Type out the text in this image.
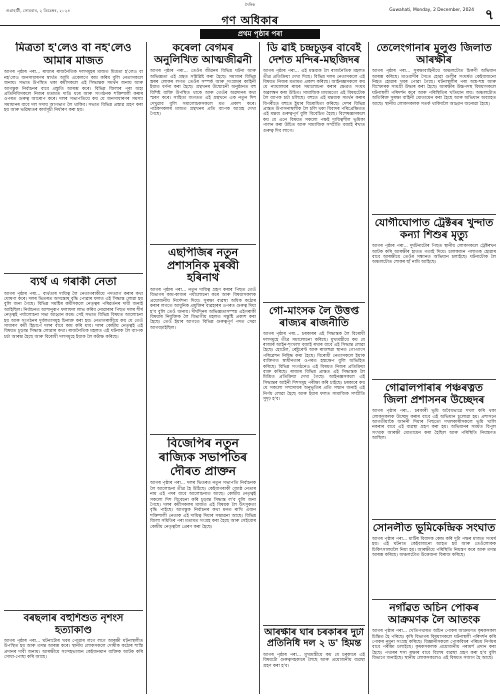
গুৱাহাটী, সোমবাৰ, ২ ডিচেম্বৰ, ২০২৪
দৈনিক
গণ অধিকাৰ
Guwahati, Monday, 2 December, 2024 ৭
প্ৰথম পৃষ্ঠাৰ পৰা
মিত্ৰতা হ'লেও বা নহ'লেও আমাৰ মাজত

আগৰ পৃষ্ঠাৰ পৰা... ৰাজ্যৰ ৰাজনৈতিক দলসমূহৰ মাজত মিত্ৰতা হ'লেও বা নহ'লেও জনসাধাৰণৰ স্বাৰ্থত আমি একেলগে কাম কৰিম বুলি নেতাসকলে জনায়। সভাত উপস্থিত থকা কৰ্মীসকলে এই সিদ্ধান্তক সমৰ্থন জনায় আৰু আগন্তুক নিৰ্বাচনৰ বাবে প্ৰস্তুতি আৰম্ভ কৰে। বিভিন্ন জিলাৰ পৰা অহা প্ৰতিনিধিসকলে নিজৰ মতামত দাঙি ধৰে আৰু সংগঠনক শক্তিশালী কৰাৰ ওপৰত গুৰুত্ব আৰোপ কৰে। দলৰ সভাপতিয়ে কয় যে জনসাধাৰণৰ সমস্যা সমাধানৰ বাবে দল সদায় আগভাগ লৈ থাকিব। সভাত বিভিন্ন প্ৰস্তাৱ গ্ৰহণ কৰা হয় আৰু ভৱিষ্যতৰ কাৰ্যসূচী নিৰ্ধাৰণ কৰা হয়।

ব্যৰ্থ এ গৰাকী নেতা

আগৰ পৃষ্ঠাৰ পৰা... ব্যৰ্থতাৰ দায়িত্ব লৈ নেতাগৰাকীয়ে পদত্যাগ কৰাৰ কথা ঘোষণা কৰে। দলৰ ভিতৰত অসন্তোষ বৃদ্ধি পোৱাৰ ফলত এই সিদ্ধান্ত লোৱা হয় বুলি জনা গৈছে। বিভিন্ন সমষ্টিৰ কৰ্মীসকলে নেতৃত্বৰ পৰিৱৰ্তনৰ দাবী জনাই আহিছিল। নিৰ্বাচনত আশানুৰূপ ফলাফল লাভ কৰিব নোৱাৰাৰ পিছত দলৰ শীৰ্ষ নেতৃত্বই পৰ্যালোচনা সভা আহ্বান কৰে। সেই সভাত বিভিন্ন বিষয়ত আলোচনা হয় আৰু সংগঠনৰ দুৰ্বলতাসমূহ চিনাক্ত কৰা হয়। নেতাগৰাকীয়ে কয় যে তেওঁ সাধাৰণ কৰ্মী হিচাপে দলৰ বাবে কাম কৰি যাব। দলৰ কেন্দ্ৰীয় নেতৃত্বই এই বিষয়ত চূড়ান্ত সিদ্ধান্ত লোৱাৰ কথা। ৰাজনৈতিক মহলত এই ঘটনাক লৈ ব্যাপক চৰ্চা আৰম্ভ হৈছে আৰু বিৰোধী দলসমূহে ইয়াক লৈ কটাক্ষ কৰিছে।

বৰছলাৰ বহুশিশুত নৃশংস হত্যাকাণ্ড

আগৰ পৃষ্ঠাৰ পৰা... ঘটনাটোৰ খবৰ পোৱাৰ লগে লগে আৰক্ষী ঘটনাস্থলীত উপস্থিত হয় আৰু তদন্ত আৰম্ভ কৰে। স্থানীয় লোকসকলে দোষীক কঠোৰ শাস্তি প্ৰদানৰ দাবী জনায়। আৰক্ষীয়ে সন্দেহভাজন কেইজনমান ব্যক্তিক আটক কৰি সোধা-পোছা কৰি আছে।

কৰেলা বেগমৰ অনুলিখিত আত্মজীৱনী

আগৰ পৃষ্ঠাৰ পৰা... তেওঁৰ জীৱনৰ বিভিন্ন ঘটনা আৰু অভিজ্ঞতা এই গ্ৰন্থত সন্নিৱিষ্ট কৰা হৈছে। সমাজৰ বিভিন্ন স্তৰৰ লোকৰ লগত তেওঁৰ সম্পৰ্ক আৰু সংগ্ৰামৰ কাহিনী ইয়াত বৰ্ণনা কৰা হৈছে। গ্ৰন্থখনৰ উন্মোচনী অনুষ্ঠানত বহু বিশিষ্ট ব্যক্তি উপস্থিত থাকে আৰু তেওঁৰ অৱদানৰ কথা স্মৰণ কৰে। সাহিত্য জগতত এই গ্ৰন্থখনে এক নতুন দিশ দেখুৱাব বুলি সমালোচকসকলে মত প্ৰকাশ কৰে। পাঠকসকলৰ মাজত গ্ৰন্থখনৰ প্ৰতি ব্যাপক আগ্ৰহ দেখা গৈছে।

এছপিজিৰ নতুন প্ৰশাসনিক মুৰব্বী হৰিনাথ

আগৰ পৃষ্ঠাৰ পৰা... নতুন দায়িত্ব গ্ৰহণ কৰাৰ পিছত তেওঁ বিভাগৰ কাম-কাজৰ পৰ্যালোচনা কৰে আৰু বিষয়াসকলক প্ৰয়োজনীয় নিৰ্দেশনা দিয়ে। সুৰক্ষা ব্যৱস্থা অধিক কঠোৰ কৰাৰ লগতে আধুনিক প্ৰযুক্তিৰ ব্যৱহাৰৰ ওপৰত গুৰুত্ব দিয়া হ'ব বুলি তেওঁ জনায়। দীৰ্ঘদিনৰ অভিজ্ঞতাসম্পন্ন এইগৰাকী বিষয়াৰ নিযুক্তিক লৈ বিভাগীয় মহলত সন্তুষ্টি প্ৰকাশ কৰা হৈছে। তেওঁ ইয়াৰ আগতে বিভিন্ন গুৰুত্বপূৰ্ণ পদত সেৱা আগবঢ়াইছিল।

বিজেপিৰ নতুন ৰাজ্যিক সভাপতিৰ দৌৰত প্ৰাক্তন

আগৰ পৃষ্ঠাৰ পৰা... দলৰ ভিতৰত নতুন সভাপতি নিৰ্বাচনক লৈ আলোচনা তীব্ৰ হৈ উঠিছে। কেইবাগৰাকী জ্যেষ্ঠ নেতাৰ নাম এই পদৰ বাবে আলোচনাত আছে। কেন্দ্ৰীয় নেতৃত্বই সকলো দিশ বিবেচনা কৰি চূড়ান্ত সিদ্ধান্ত ল'ব বুলি জনা গৈছে। দলৰ কৰ্মীসকলৰ মাজত এই বিষয়ক লৈ উৎসুকতা বৃদ্ধি পাইছে। আগন্তুক নিৰ্বাচনৰ কথা মনত ৰাখি এজন শক্তিশালী নেতাক এই দায়িত্ব দিয়াৰ সম্ভাৱনা আছে। বিভিন্ন জিলা সমিতিৰ পৰা মতামত সংগ্ৰহ কৰা হৈছে আৰু সেইবোৰ কেন্দ্ৰীয় নেতৃত্বলৈ প্ৰেৰণ কৰা হৈছে।

ডি ৱাই চন্দ্ৰচূড়ৰ বাবেই দেশত মন্দিৰ-মছজিদৰ

আগৰ পৃষ্ঠাৰ পৰা... এই মন্তব্যক লৈ ৰাজনৈতিক মহলত তীব্ৰ প্ৰতিক্ৰিয়া দেখা দিছে। বিভিন্ন দলৰ নেতাসকলে এই বিষয়ত নিজৰ মতামত প্ৰকাশ কৰিছে। আইনজ্ঞসকলে কয় যে ন্যায়ালয়ৰ ৰায়ৰ সমালোচনা কৰাৰ ক্ষেত্ৰত সংযম অৱলম্বন কৰা উচিত। সামাজিক মাধ্যমতো এই বিষয়টোক লৈ ব্যাপক চৰ্চা চলিছে। বহুতে এই মন্তব্যক সমৰ্থন কৰাৰ বিপৰীতে বহুতে ইয়াৰ বিৰোধিতা কৰিছে। দেশৰ বিভিন্ন প্ৰান্তত উপাসনাস্থলীক লৈ চলি থকা বিবাদৰ পৰিপ্ৰেক্ষিতত এই মন্তব্য গুৰুত্বপূৰ্ণ বুলি বিবেচিত হৈছে। বিশেষজ্ঞসকলে কয় যে এনে বিষয়ত সকলো পক্ষই দায়িত্বশীল ভূমিকা পালন কৰা উচিত আৰু সামাজিক সম্প্ৰীতি বজাই ৰখাত গুৰুত্ব দিব লাগে।

গো-মাংসক লৈ উত্তপ্ত ৰাজ্যৰ ৰাজনীতি

আগৰ পৃষ্ঠাৰ পৰা... চৰকাৰৰ এই সিদ্ধান্তক লৈ বিৰোধী দলসমূহে তীব্ৰ সমালোচনা কৰিছে। মুখ্যমন্ত্ৰীয়ে কয় যে ৰাজ্যৰ আইন-শৃংখলা বজাই ৰখাৰ বাবে এই সিদ্ধান্ত লোৱা হৈছে। হোটেল, ৰেষ্টুৰেণ্ট আৰু ৰাজহুৱা স্থানত গো-মাংস পৰিৱেশন নিষিদ্ধ কৰা হৈছে। বিৰোধী নেতাসকলে ইয়াক ব্যক্তিগত স্বাধীনতাৰ ওপৰত হস্তক্ষেপ বুলি অভিহিত কৰিছে। বিভিন্ন সংগঠনেও এই বিষয়ত নিজৰ প্ৰতিক্ৰিয়া ব্যক্ত কৰিছে। ৰাজ্যৰ বিভিন্ন প্ৰান্তত এই সিদ্ধান্তক লৈ মিশ্ৰিত প্ৰতিক্ৰিয়া দেখা গৈছে। আইনজ্ঞসকলে এই সিদ্ধান্তৰ আইনী দিশসমূহ পৰীক্ষা কৰি চাইছে। চৰকাৰে কয় যে সকলো সম্প্ৰদায়ৰ অনুভূতিৰ প্ৰতি সন্মান জনাই এই নিৰ্ণয় লোৱা হৈছে আৰু ইয়াৰ ফলত সামাজিক সম্প্ৰীতি সুদৃঢ় হ'ব।

আৰক্ষীৰ ঘাৰ চৰকাৰৰ দুটা প্ৰতিনিধি দল ২ ড' হিমন্ত

আগৰ পৃষ্ঠাৰ পৰা... মুখ্যমন্ত্ৰীয়ে কয় যে চৰকাৰে এই বিষয়টো গুৰুত্বসহকাৰে লৈছে আৰু প্ৰয়োজনীয় ব্যৱস্থা গ্ৰহণ কৰা হ'ব।

তেলেংগানাৰ মুলুগু জিলাত আৰক্ষীৰ

আগৰ পৃষ্ঠাৰ পৰা... সুৰক্ষাবাহিনীয়ে অঞ্চলটোত চিৰুণী অভিযান আৰম্ভ কৰিছে। মাওবাদীৰ সৈতে হোৱা গুলীৰ সংঘৰ্ষত কেইবাজনো নিহত হোৱাৰ খবৰ পোৱা গৈছে। ঘটনাস্থলীৰ পৰা অস্ত্ৰ-শস্ত্ৰ আৰু বিস্ফোৰক সামগ্ৰী উদ্ধাৰ কৰা হৈছে। আৰক্ষীৰ উচ্চপদস্থ বিষয়াসকলে ঘটনাস্থলী পৰিদৰ্শন কৰে আৰু পৰিস্থিতিৰ খতিয়ান লয়। অঞ্চলটোত অতিৰিক্ত সুৰক্ষা বাহিনী মোতায়েন কৰা হৈছে আৰু অভিযান অব্যাহত আছে। স্থানীয় লোকসকলক সতৰ্ক থাকিবলৈ আহ্বান জনোৱা হৈছে।

যোগীঘোপাত ট্ৰেক্টৰৰ খুন্দাত কন্যা শিশুৰ মৃত্যু

আগৰ পৃষ্ঠাৰ পৰা... দুৰ্ঘটনাটোৰ পিছত স্থানীয় লোকসকলে ট্ৰেক্টৰখন আটক কৰি আৰক্ষীৰ হাতত গতাই দিয়ে। চালকজন পলাতক হোৱাৰ বাবে আৰক্ষীয়ে তেওঁৰ সন্ধানত অভিযান চলাইছে। ঘটনাটোক লৈ অঞ্চলটোত শোকৰ ছাঁ নামি আহিছে।

গোৱালপাৰাৰ পঞ্চৰত্নত জিলা প্ৰশাসনৰ উচ্ছেদৰ

আগৰ পৃষ্ঠাৰ পৰা... চৰকাৰী ভূমি অবৈধভাৱে দখল কৰি থকা লোকসকলক উচ্ছেদ কৰাৰ বাবে এই অভিযান চলোৱা হয়। প্ৰশাসনে আগতীয়াকৈ জাননী দিয়াৰ পিছতো দখলকাৰীসকলে ভূমি খালি নকৰাৰ বাবে এই ব্যৱস্থা গ্ৰহণ কৰা হয়। অভিযানৰ সময়ত বিপুল সংখ্যক আৰক্ষী মোতায়েন কৰা হৈছিল আৰু পৰিস্থিতি নিয়ন্ত্ৰণত আছিল।

সোনলীত ভূমিকেন্দ্ৰিক সংঘাত

আগৰ পৃষ্ঠাৰ পৰা... মাটিৰ বিবাদক কেন্দ্ৰ কৰি দুটা পক্ষৰ মাজত সংঘৰ্ষ হয়। এই ঘটনাত কেইবাজনো আহত হয় আৰু তেওঁলোকক চিকিৎসালয়লৈ নিয়া হয়। আৰক্ষীয়ে পৰিস্থিতি নিয়ন্ত্ৰণ কৰে আৰু তদন্ত আৰম্ভ কৰিছে। অঞ্চলটোত উত্তেজনা বিৰাজ কৰিছে।

নগাঁৱত অচিন পোকৰ আক্ৰমণক লৈ আতংক

আগৰ পৃষ্ঠাৰ পৰা... খেতিপথাৰত অচিন পোকৰ আক্ৰমণত কৃষকসকল চিন্তিত হৈ পৰিছে। কৃষি বিভাগৰ বিষয়াসকলে ঘটনাস্থলী পৰিদৰ্শন কৰি পোকৰ নমুনা সংগ্ৰহ কৰিছে। বিজ্ঞানীসকলে পোকবিধৰ পৰিচয় নিৰ্ণয়ৰ বাবে পৰীক্ষা চলাইছে। কৃষকসকলক প্ৰয়োজনীয় পৰামৰ্শ প্ৰদান কৰা হৈছে। পথাৰৰ শস্য ৰক্ষাৰ বাবে বিশেষ ব্যৱস্থা গ্ৰহণ কৰা হ'ব বুলি বিভাগে জনাইছে। স্থানীয় লোকসকলেও এই বিষয়ত সজাগ হৈ আছে।
